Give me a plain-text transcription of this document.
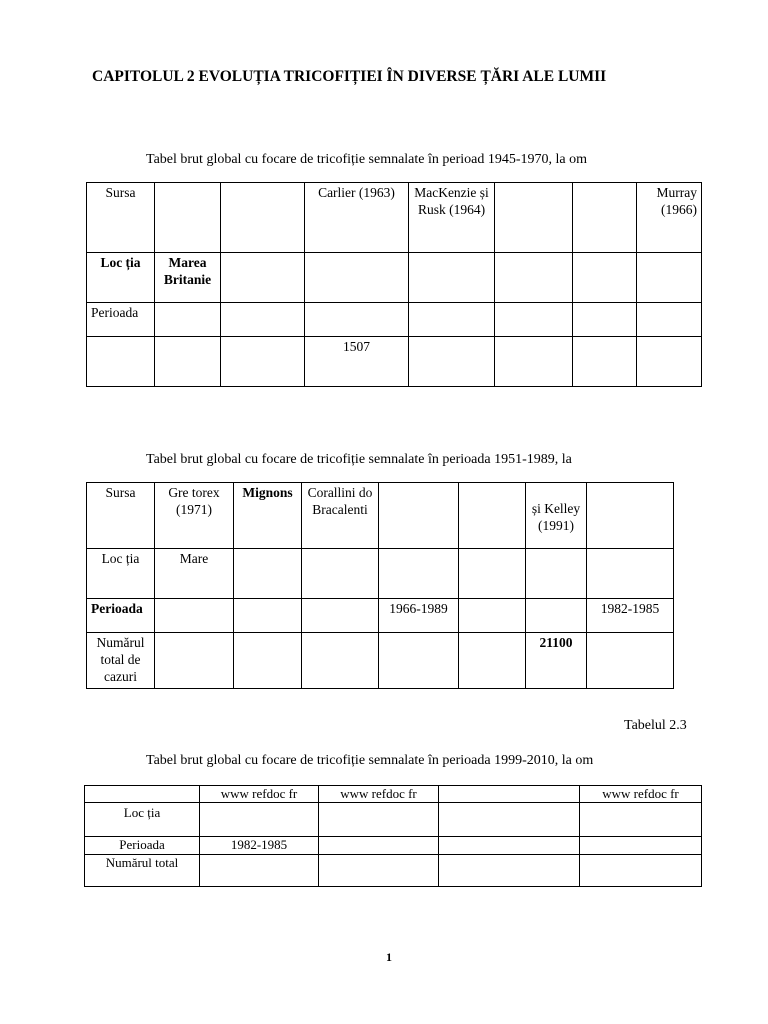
CAPITOLUL 2 EVOLUȚIA TRICOFIȚIEI ÎN DIVERSE ȚĂRI ALE LUMII
Tabel brut global cu focare de tricofiție semnalate în perioad⁣ 1945-1970, la om
Sursa			Carlier (1963)	MacKenzie și Rusk (1964)			Murray (1966)
Loc ția	Marea Britanie						
Perioada							
			1507				
Tabel brut global cu focare de tricofiție semnalate în perioada 1951-1989, la
Sursa	Gre torex (1971)	Mignons	Corallini do Bracalenti			și Kelley (1991)	
Loc ția	Mare						
Perioada				1966-1989			1982-1985
Numărul total de cazuri						21100	
Tabelul 2.3
Tabel brut global cu focare de tricofiție semnalate în perioada 1999-2010, la om
	www refdoc fr	www refdoc fr		www refdoc fr
Loc ția				
Perioada	1982-1985			
Numărul total				
1
